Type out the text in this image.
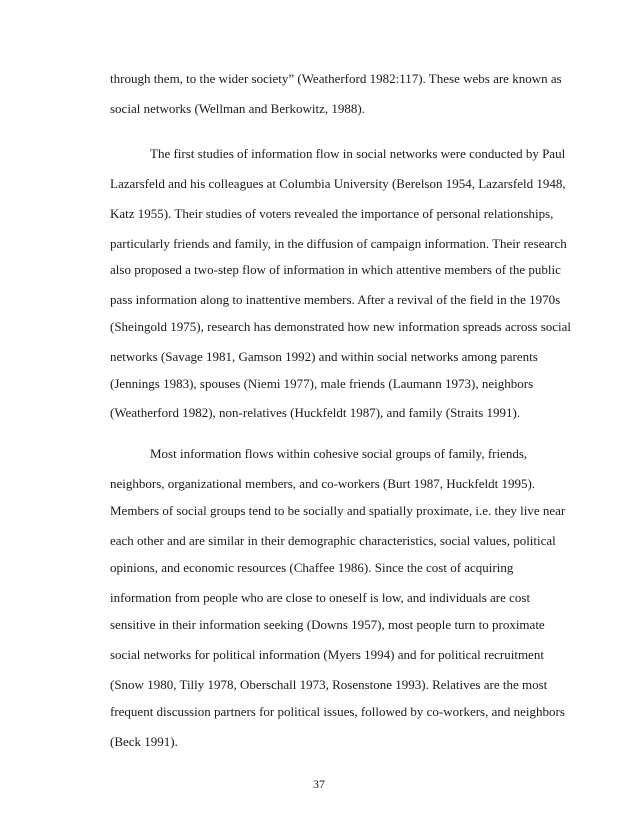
through them, to the wider society” (Weatherford 1982:117). These webs are known as
social networks (Wellman and Berkowitz, 1988).
The first studies of information flow in social networks were conducted by Paul
Lazarsfeld and his colleagues at Columbia University (Berelson 1954, Lazarsfeld 1948,
Katz 1955). Their studies of voters revealed the importance of personal relationships,
particularly friends and family, in the diffusion of campaign information. Their research
also proposed a two-step flow of information in which attentive members of the public
pass information along to inattentive members. After a revival of the field in the 1970s
(Sheingold 1975), research has demonstrated how new information spreads across social
networks (Savage 1981, Gamson 1992) and within social networks among parents
(Jennings 1983), spouses (Niemi 1977), male friends (Laumann 1973), neighbors
(Weatherford 1982), non-relatives (Huckfeldt 1987), and family (Straits 1991).
Most information flows within cohesive social groups of family, friends,
neighbors, organizational members, and co-workers (Burt 1987, Huckfeldt 1995).
Members of social groups tend to be socially and spatially proximate, i.e. they live near
each other and are similar in their demographic characteristics, social values, political
opinions, and economic resources (Chaffee 1986). Since the cost of acquiring
information from people who are close to oneself is low, and individuals are cost
sensitive in their information seeking (Downs 1957), most people turn to proximate
social networks for political information (Myers 1994) and for political recruitment
(Snow 1980, Tilly 1978, Oberschall 1973, Rosenstone 1993). Relatives are the most
frequent discussion partners for political issues, followed by co-workers, and neighbors
(Beck 1991).
37
